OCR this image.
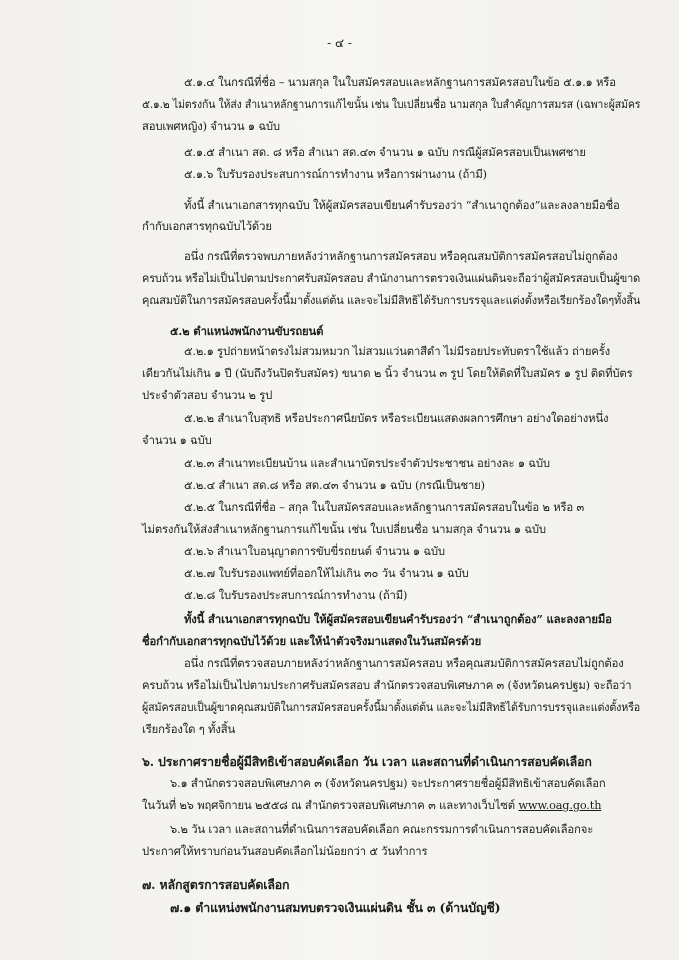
- ๔ -
๕.๑.๔ ในกรณีที่ชื่อ – นามสกุล ในใบสมัครสอบและหลักฐานการสมัครสอบในข้อ ๕.๑.๑ หรือ
๕.๑.๒ ไม่ตรงกัน ให้ส่ง สำเนาหลักฐานการแก้ไขนั้น เช่น ใบเปลี่ยนชื่อ นามสกุล ใบสำคัญการสมรส (เฉพาะผู้สมัคร
สอบเพศหญิง) จำนวน ๑ ฉบับ
๕.๑.๕ สำเนา สด. ๘ หรือ สำเนา สด.๔๓ จำนวน ๑ ฉบับ กรณีผู้สมัครสอบเป็นเพศชาย
๕.๑.๖ ใบรับรองประสบการณ์การทำงาน หรือการผ่านงาน (ถ้ามี)
ทั้งนี้ สำเนาเอกสารทุกฉบับ ให้ผู้สมัครสอบเขียนคำรับรองว่า “สำเนาถูกต้อง”และลงลายมือชื่อ
กำกับเอกสารทุกฉบับไว้ด้วย
อนึ่ง กรณีที่ตรวจพบภายหลังว่าหลักฐานการสมัครสอบ หรือคุณสมบัติการสมัครสอบไม่ถูกต้อง
ครบถ้วน หรือไม่เป็นไปตามประกาศรับสมัครสอบ สำนักงานการตรวจเงินแผ่นดินจะถือว่าผู้สมัครสอบเป็นผู้ขาด
คุณสมบัติในการสมัครสอบครั้งนี้มาตั้งแต่ต้น และจะไม่มีสิทธิได้รับการบรรจุและแต่งตั้งหรือเรียกร้องใดๆทั้งสิ้น
๕.๒ ตำแหน่งพนักงานขับรถยนต์
๕.๒.๑ รูปถ่ายหน้าตรงไม่สวมหมวก ไม่สวมแว่นตาสีดำ ไม่มีรอยประทับตราใช้แล้ว ถ่ายครั้ง
เดียวกันไม่เกิน ๑ ปี (นับถึงวันปิดรับสมัคร) ขนาด ๒ นิ้ว จำนวน ๓ รูป โดยให้ติดที่ใบสมัคร ๑ รูป ติดที่บัตร
ประจำตัวสอบ จำนวน ๒ รูป
๕.๒.๒ สำเนาใบสุทธิ หรือประกาศนียบัตร หรือระเบียนแสดงผลการศึกษา อย่างใดอย่างหนึ่ง
จำนวน ๑ ฉบับ
๕.๒.๓ สำเนาทะเบียนบ้าน และสำเนาบัตรประจำตัวประชาชน อย่างละ ๑ ฉบับ
๕.๒.๔ สำเนา สด.๘ หรือ สด.๔๓ จำนวน ๑ ฉบับ (กรณีเป็นชาย)
๕.๒.๕ ในกรณีที่ชื่อ – สกุล ในใบสมัครสอบและหลักฐานการสมัครสอบในข้อ ๒ หรือ ๓
ไม่ตรงกันให้ส่งสำเนาหลักฐานการแก้ไขนั้น เช่น ใบเปลี่ยนชื่อ นามสกุล จำนวน ๑ ฉบับ
๕.๒.๖ สำเนาใบอนุญาตการขับขี่รถยนต์ จำนวน ๑ ฉบับ
๕.๒.๗ ใบรับรองแพทย์ที่ออกให้ไม่เกิน ๓๐ วัน จำนวน ๑ ฉบับ
๕.๒.๘ ใบรับรองประสบการณ์การทำงาน (ถ้ามี)
ทั้งนี้ สำเนาเอกสารทุกฉบับ ให้ผู้สมัครสอบเขียนคำรับรองว่า “สำเนาถูกต้อง” และลงลายมือ
ชื่อกำกับเอกสารทุกฉบับไว้ด้วย และให้นำตัวจริงมาแสดงในวันสมัครด้วย
อนึ่ง กรณีที่ตรวจสอบภายหลังว่าหลักฐานการสมัครสอบ หรือคุณสมบัติการสมัครสอบไม่ถูกต้อง
ครบถ้วน หรือไม่เป็นไปตามประกาศรับสมัครสอบ สำนักตรวจสอบพิเศษภาค ๓ (จังหวัดนครปฐม) จะถือว่า
ผู้สมัครสอบเป็นผู้ขาดคุณสมบัติในการสมัครสอบครั้งนี้มาตั้งแต่ต้น และจะไม่มีสิทธิได้รับการบรรจุและแต่งตั้งหรือ
เรียกร้องใด ๆ ทั้งสิ้น
๖. ประกาศรายชื่อผู้มีสิทธิเข้าสอบคัดเลือก วัน เวลา และสถานที่ดำเนินการสอบคัดเลือก
๖.๑ สำนักตรวจสอบพิเศษภาค ๓ (จังหวัดนครปฐม) จะประกาศรายชื่อผู้มีสิทธิเข้าสอบคัดเลือก
ในวันที่ ๒๖ พฤศจิกายน ๒๕๕๘ ณ สำนักตรวจสอบพิเศษภาค ๓ และทางเว็บไซต์ www.oag.go.th
๖.๒ วัน เวลา และสถานที่ดำเนินการสอบคัดเลือก คณะกรรมการดำเนินการสอบคัดเลือกจะ
ประกาศให้ทราบก่อนวันสอบคัดเลือกไม่น้อยกว่า ๕ วันทำการ
๗. หลักสูตรการสอบคัดเลือก
๗.๑ ตำแหน่งพนักงานสมทบตรวจเงินแผ่นดิน ชั้น ๓ (ด้านบัญชี)
